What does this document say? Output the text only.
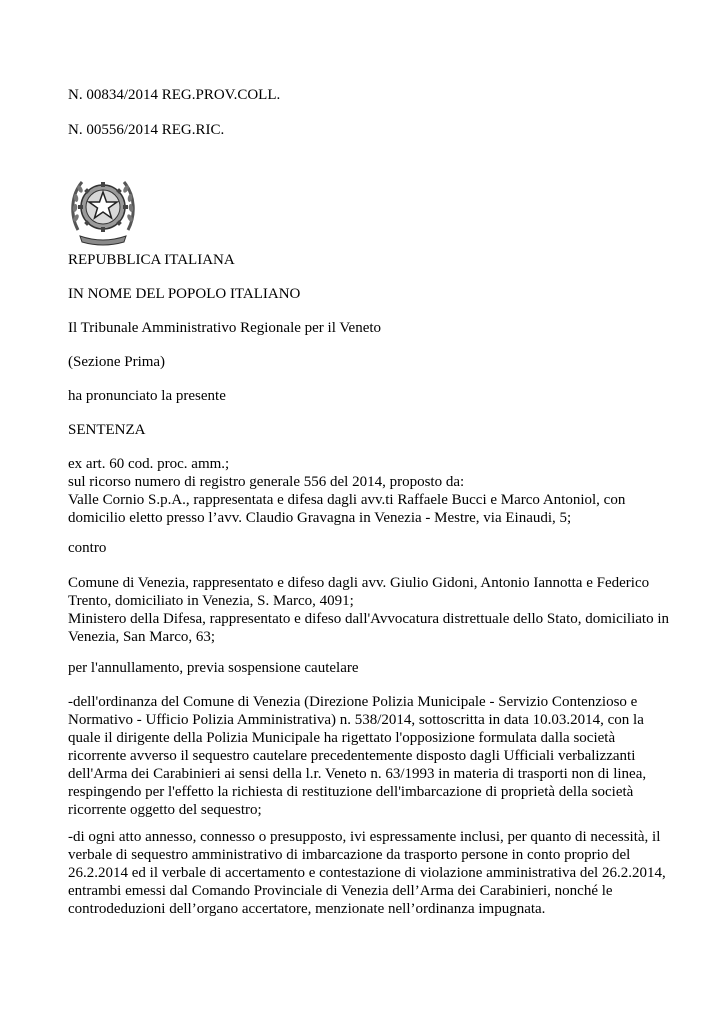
N. 00834/2014 REG.PROV.COLL.
N. 00556/2014 REG.RIC.
REPUBBLICA ITALIANA
IN NOME DEL POPOLO ITALIANO
Il Tribunale Amministrativo Regionale per il Veneto
(Sezione Prima)
ha pronunciato la presente
SENTENZA
ex art. 60 cod. proc. amm.;
sul ricorso numero di registro generale 556 del 2014, proposto da:
Valle Cornio S.p.A., rappresentata e difesa dagli avv.ti Raffaele Bucci e Marco Antoniol, con
domicilio eletto presso l’avv. Claudio Gravagna in Venezia - Mestre, via Einaudi, 5;
contro
Comune di Venezia, rappresentato e difeso dagli avv. Giulio Gidoni, Antonio Iannotta e Federico
Trento, domiciliato in Venezia, S. Marco, 4091;
Ministero della Difesa, rappresentato e difeso dall'Avvocatura distrettuale dello Stato, domiciliato in
Venezia, San Marco, 63;
per l'annullamento, previa sospensione cautelare
-dell'ordinanza del Comune di Venezia (Direzione Polizia Municipale - Servizio Contenzioso e
Normativo - Ufficio Polizia Amministrativa) n. 538/2014, sottoscritta in data 10.03.2014, con la
quale il dirigente della Polizia Municipale ha rigettato l'opposizione formulata dalla società
ricorrente avverso il sequestro cautelare precedentemente disposto dagli Ufficiali verbalizzanti
dell'Arma dei Carabinieri ai sensi della l.r. Veneto n. 63/1993 in materia di trasporti non di linea,
respingendo per l'effetto la richiesta di restituzione dell'imbarcazione di proprietà della società
ricorrente oggetto del sequestro;
-di ogni atto annesso, connesso o presupposto, ivi espressamente inclusi, per quanto di necessità, il
verbale di sequestro amministrativo di imbarcazione da trasporto persone in conto proprio del
26.2.2014 ed il verbale di accertamento e contestazione di violazione amministrativa del 26.2.2014,
entrambi emessi dal Comando Provinciale di Venezia dell’Arma dei Carabinieri, nonché le
controdeduzioni dell’organo accertatore, menzionate nell’ordinanza impugnata.
